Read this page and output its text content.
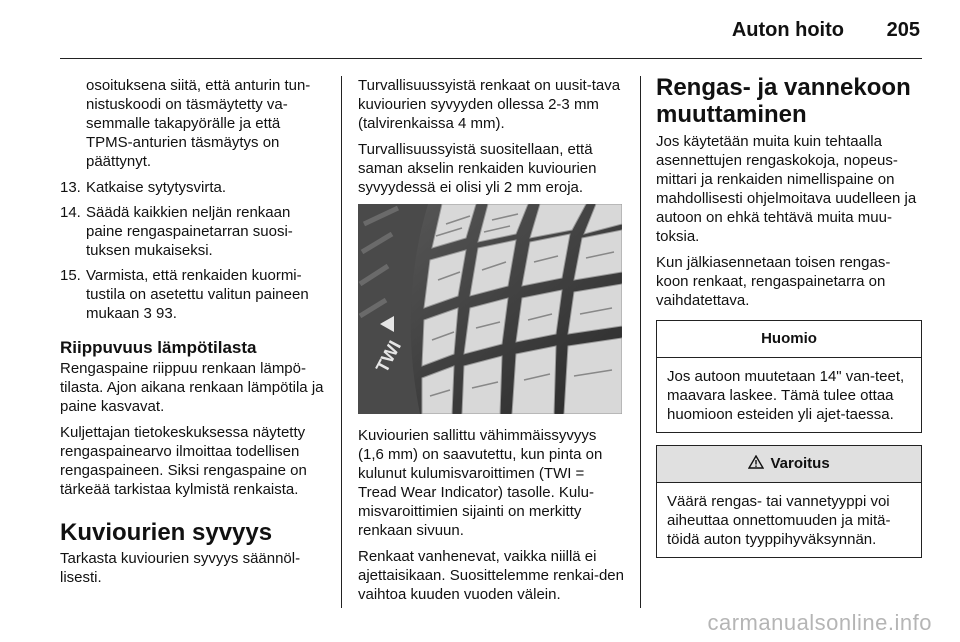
Auton hoito 205

osoituksena siitä, että anturin tun-nistuskoodi on täsmäytetty va-semmalle takapyörälle ja että TPMS-anturien täsmäytys on päättynyt.

13. Katkaise sytytysvirta.
14. Säädä kaikkien neljän renkaan paine rengaspainetarran suosi-tuksen mukaiseksi.
15. Varmista, että renkaiden kuormi-tustila on asetettu valitun paineen mukaan 3 93.
Riippuvuus lämpötilasta

Rengaspaine riippuu renkaan lämpö-tilasta. Ajon aikana renkaan lämpötila ja paine kasvavat.

Kuljettajan tietokeskuksessa näytetty rengaspainearvo ilmoittaa todellisen rengaspaineen. Siksi rengaspaine on tärkeää tarkistaa kylmistä renkaista.

Kuviourien syvyys

Tarkasta kuviourien syvyys säännöl-lisesti.

Turvallisuussyistä renkaat on uusit-tava kuviourien syvyyden ollessa 2-3 mm (talvirenkaissa 4 mm).

Turvallisuussyistä suositellaan, että saman akselin renkaiden kuviourien syvyydessä ei olisi yli 2 mm eroja.

TWI

Kuviourien sallittu vähimmäissyvyys (1,6 mm) on saavutettu, kun pinta on kulunut kulumisvaroittimen (TWI = Tread Wear Indicator) tasolle. Kulu-misvaroittimien sijainti on merkitty renkaan sivuun.

Renkaat vanhenevat, vaikka niillä ei ajettaisikaan. Suosittelemme renkai-den vaihtoa kuuden vuoden välein.

Rengas- ja vannekoon muuttaminen

Jos käytetään muita kuin tehtaalla asennettujen rengaskokoja, nopeus-mittari ja renkaiden nimellispaine on mahdollisesti ohjelmoitava uudelleen ja autoon on ehkä tehtävä muita muu-toksia.

Kun jälkiasennetaan toisen rengas-koon renkaat, rengaspainetarra on vaihdatettava.

Huomio
Jos autoon muutetaan 14" van-teet, maavara laskee. Tämä tulee ottaa huomioon esteiden yli ajet-taessa.
Varoitus
Väärä rengas- tai vannetyyppi voi aiheuttaa onnettomuuden ja mitä-töidä auton tyyppihyväksynnän.
carmanualsonline.info
